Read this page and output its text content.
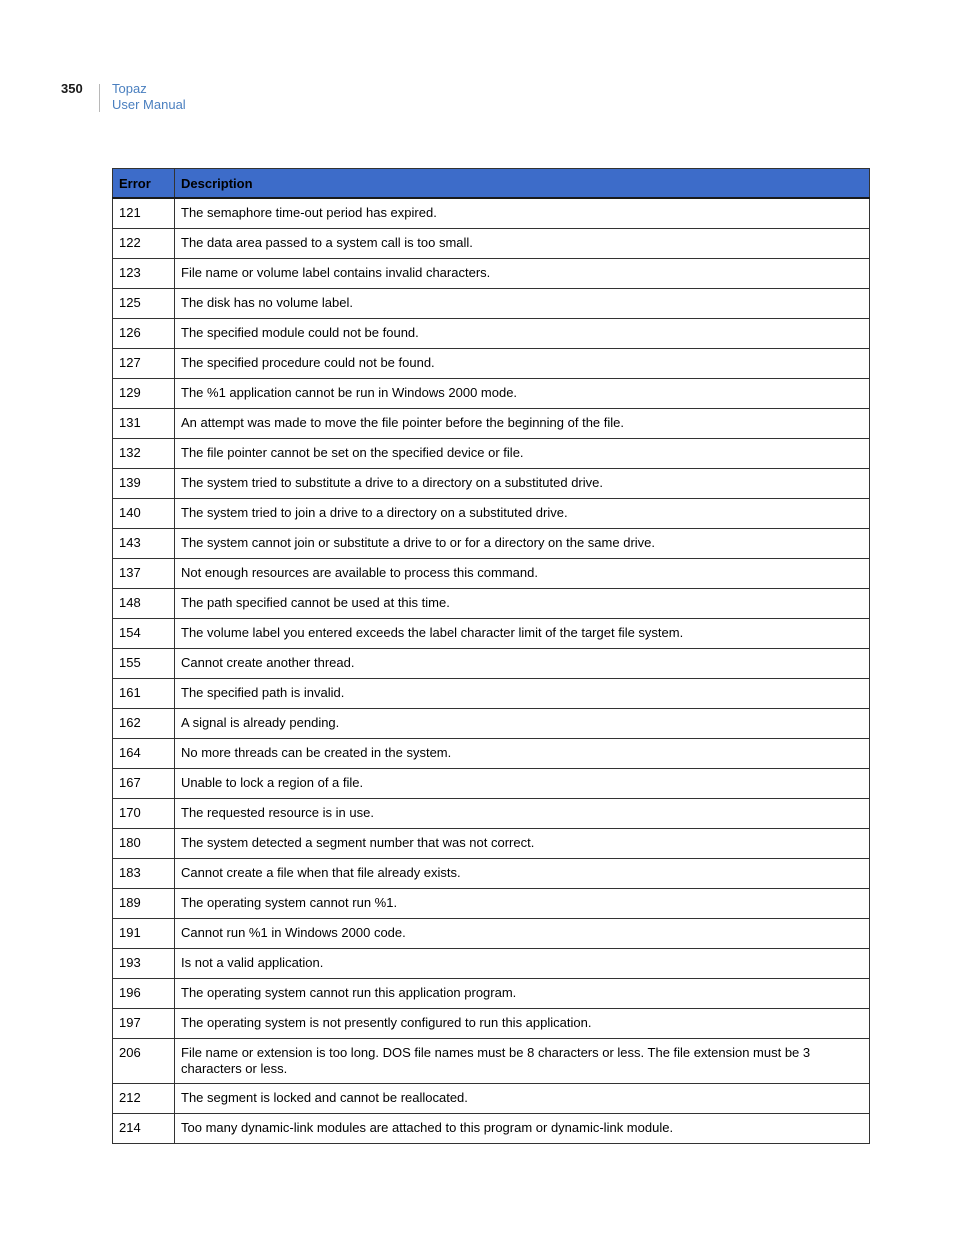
350 Topaz
User Manual
Error	Description
121	The semaphore time-out period has expired.
122	The data area passed to a system call is too small.
123	File name or volume label contains invalid characters.
125	The disk has no volume label.
126	The specified module could not be found.
127	The specified procedure could not be found.
129	The %1 application cannot be run in Windows 2000 mode.
131	An attempt was made to move the file pointer before the beginning of the file.
132	The file pointer cannot be set on the specified device or file.
139	The system tried to substitute a drive to a directory on a substituted drive.
140	The system tried to join a drive to a directory on a substituted drive.
143	The system cannot join or substitute a drive to or for a directory on the same drive.
137	Not enough resources are available to process this command.
148	The path specified cannot be used at this time.
154	The volume label you entered exceeds the label character limit of the target file system.
155	Cannot create another thread.
161	The specified path is invalid.
162	A signal is already pending.
164	No more threads can be created in the system.
167	Unable to lock a region of a file.
170	The requested resource is in use.
180	The system detected a segment number that was not correct.
183	Cannot create a file when that file already exists.
189	The operating system cannot run %1.
191	Cannot run %1 in Windows 2000 code.
193	Is not a valid application.
196	The operating system cannot run this application program.
197	The operating system is not presently configured to run this application.
206	File name or extension is too long. DOS file names must be 8 characters or less. The file extension must be 3 characters or less.
212	The segment is locked and cannot be reallocated.
214	Too many dynamic-link modules are attached to this program or dynamic-link module.
